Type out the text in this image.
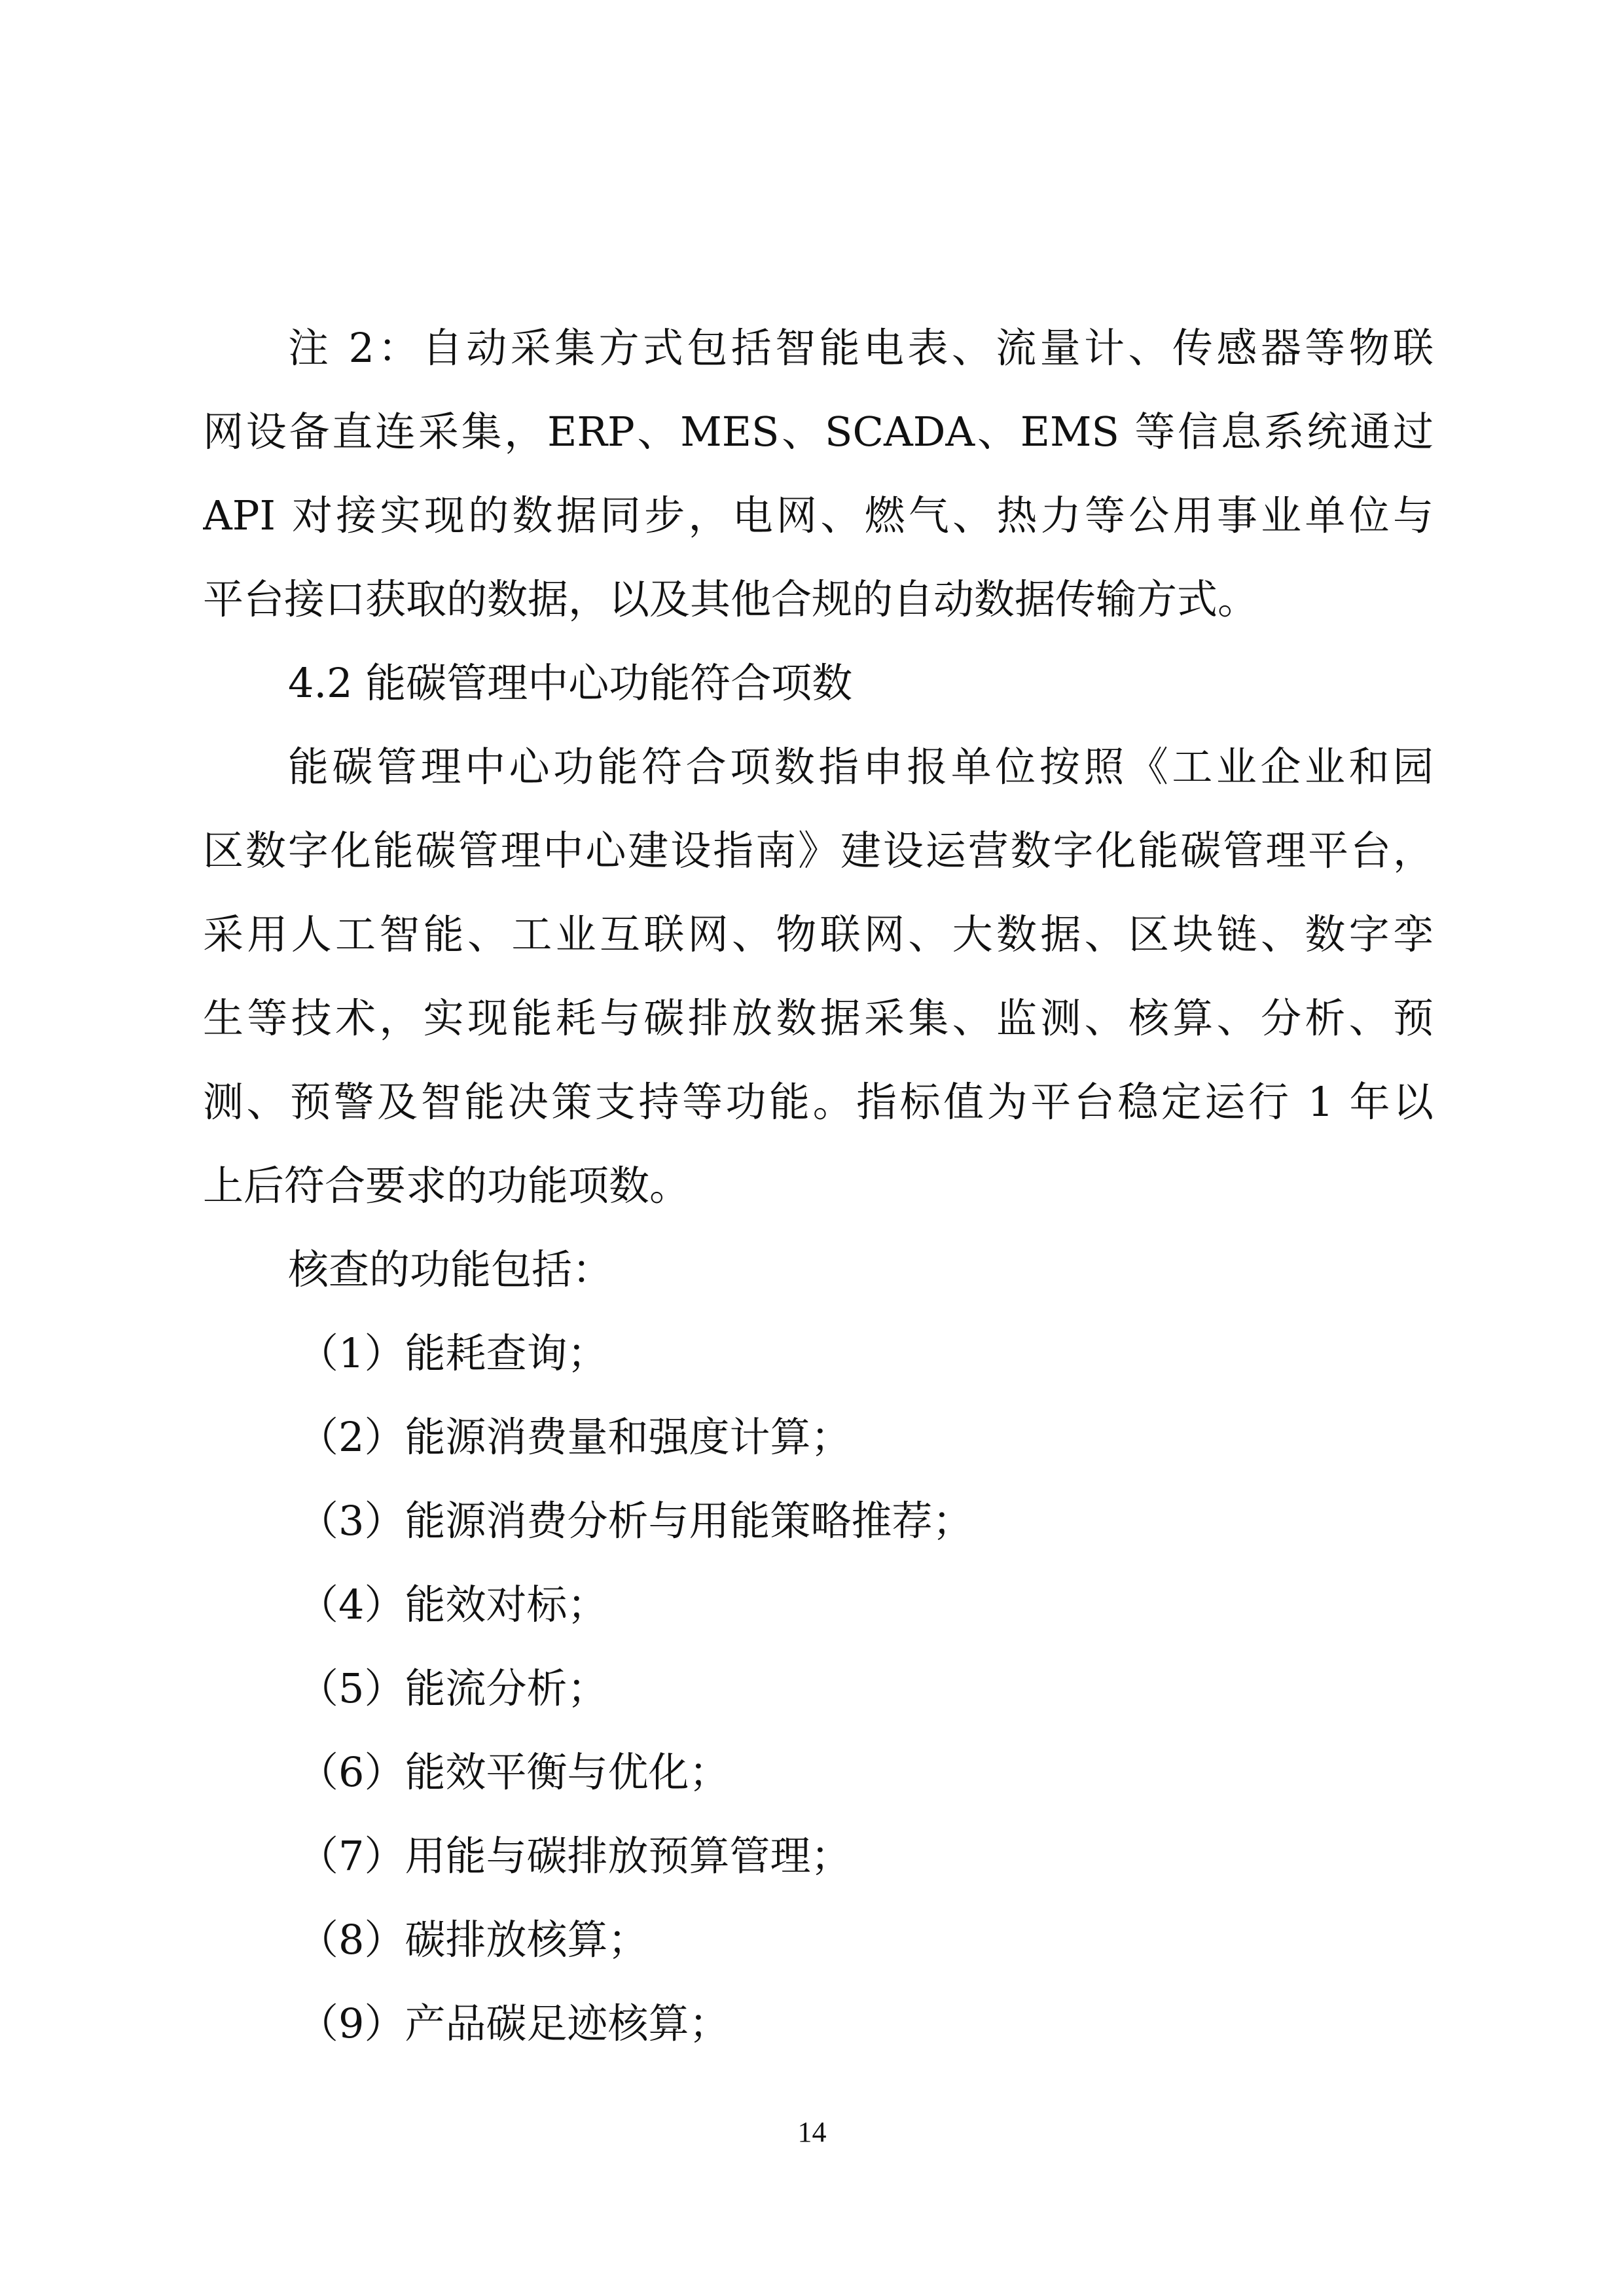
注 2：自动采集方式包括智能电表、流量计、传感器等物联
网设备直连采集，ERP、MES、SCADA、EMS 等信息系统通过
API 对接实现的数据同步，电网、燃气、热力等公用事业单位与
平台接口获取的数据，以及其他合规的自动数据传输方式。
4.2 能碳管理中心功能符合项数
能碳管理中心功能符合项数指申报单位按照《工业企业和园
区数字化能碳管理中心建设指南》建设运营数字化能碳管理平台，
采用人工智能、工业互联网、物联网、大数据、区块链、数字孪
生等技术，实现能耗与碳排放数据采集、监测、核算、分析、预
测、预警及智能决策支持等功能。指标值为平台稳定运行 1 年以
上后符合要求的功能项数。
核查的功能包括：
（1）能耗查询；
（2）能源消费量和强度计算；
（3）能源消费分析与用能策略推荐；
（4）能效对标；
（5）能流分析；
（6）能效平衡与优化；
（7）用能与碳排放预算管理；
（8）碳排放核算；
（9）产品碳足迹核算；
14
